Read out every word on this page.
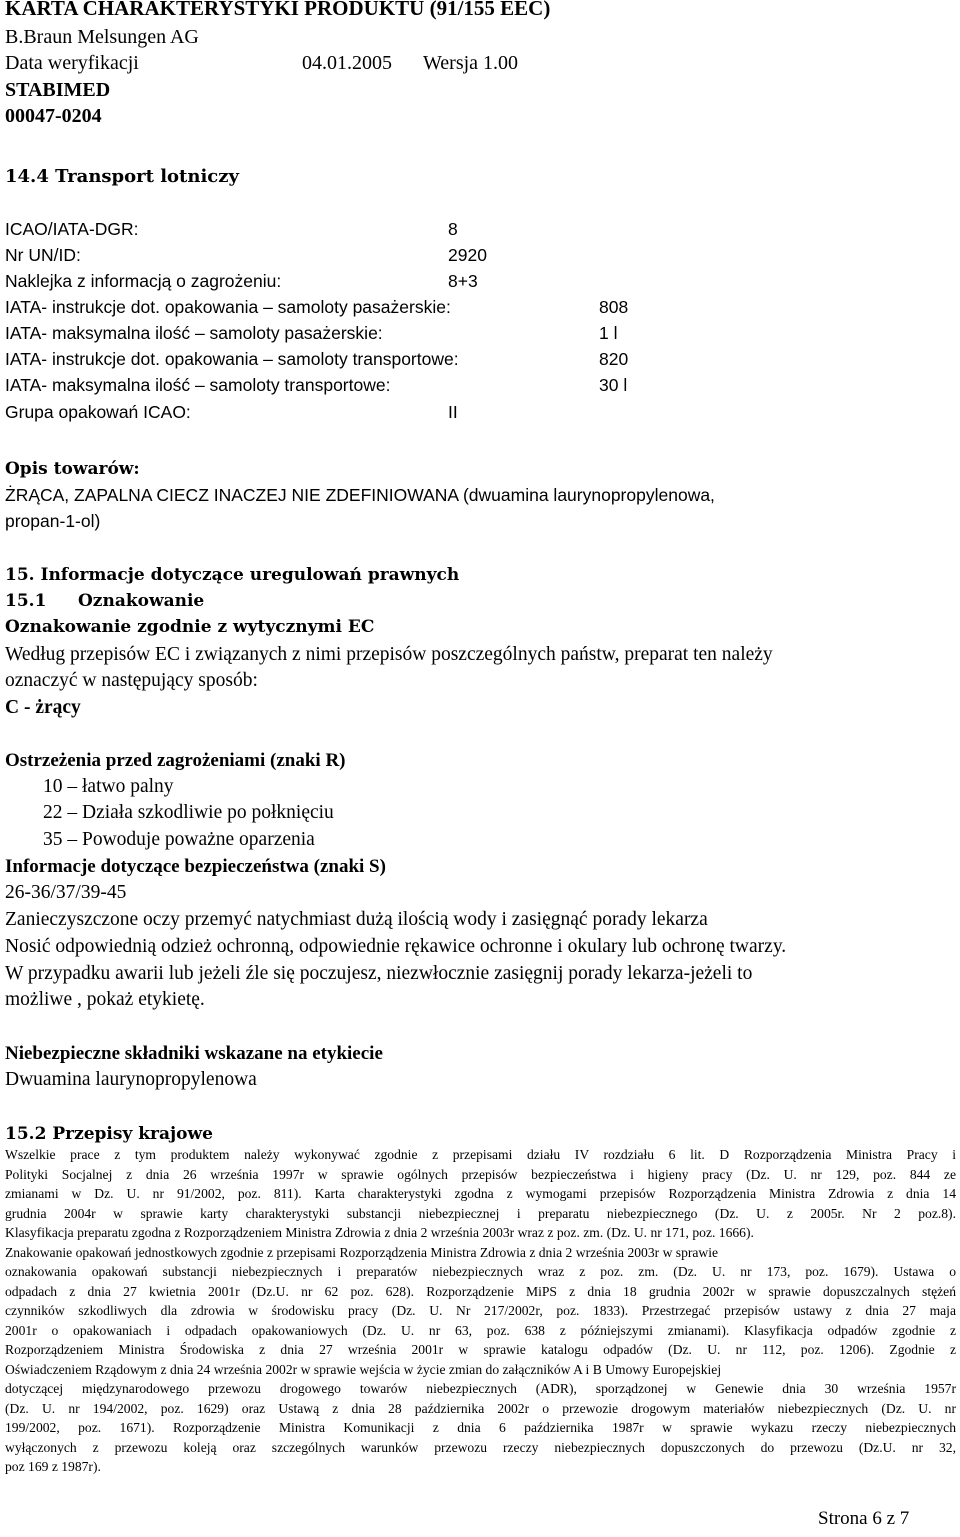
KARTA CHARAKTERYSTYKI PRODUKTU (91/155 EEC)
B.Braun Melsungen AG
Data weryfikacji	04.01.2005 Wersja 1.00
STABIMED
00047-0204
14.4 Transport lotniczy
ICAO/IATA-DGR:	8
Nr UN/ID:	2920
Naklejka z informacją o zagrożeniu:	8+3
IATA- instrukcje dot. opakowania – samoloty pasażerskie:	808
IATA- maksymalna ilość – samoloty pasażerskie:	1 l
IATA- instrukcje dot. opakowania – samoloty transportowe:	820
IATA- maksymalna ilość – samoloty transportowe:	30 l
Grupa opakowań ICAO:	II
Opis towarów:
ŻRĄCA, ZAPALNA CIECZ INACZEJ NIE ZDEFINIOWANA (dwuamina laurynopropylenowa,
propan-1-ol)
15. Informacje dotyczące uregulowań prawnych
15.1 Oznakowanie
Oznakowanie zgodnie z wytycznymi EC
Według przepisów EC i związanych z nimi przepisów poszczególnych państw, preparat ten należy
oznaczyć w następujący sposób:
C - żrący
Ostrzeżenia przed zagrożeniami (znaki R)
10 – łatwo palny
22 – Działa szkodliwie po połknięciu
35 – Powoduje poważne oparzenia
Informacje dotyczące bezpieczeństwa (znaki S)
26-36/37/39-45
Zanieczyszczone oczy przemyć natychmiast dużą ilością wody i zasięgnąć porady lekarza
Nosić odpowiednią odzież ochronną, odpowiednie rękawice ochronne i okulary lub ochronę twarzy.
W przypadku awarii lub jeżeli źle się poczujesz, niezwłocznie zasięgnij porady lekarza-jeżeli to
możliwe , pokaż etykietę.
Niebezpieczne składniki wskazane na etykiecie
Dwuamina laurynopropylenowa
15.2 Przepisy krajowe
Wszelkie prace z tym produktem należy wykonywać zgodnie z przepisami działu IV rozdziału 6 lit. D Rozporządzenia Ministra Pracy i
Polityki Socjalnej z dnia 26 września 1997r w sprawie ogólnych przepisów bezpieczeństwa i higieny pracy (Dz. U. nr 129, poz. 844 ze
zmianami w Dz. U. nr 91/2002, poz. 811). Karta charakterystyki zgodna z wymogami przepisów Rozporządzenia Ministra Zdrowia z dnia 14
grudnia 2004r w sprawie karty charakterystyki substancji niebezpiecznej i preparatu niebezpiecznego (Dz. U. z 2005r. Nr 2 poz.8).
Klasyfikacja preparatu zgodna z Rozporządzeniem Ministra Zdrowia z dnia 2 września 2003r wraz z poz. zm. (Dz. U. nr 171, poz. 1666).
Znakowanie opakowań jednostkowych zgodnie z przepisami Rozporządzenia Ministra Zdrowia z dnia 2 września 2003r w sprawie
oznakowania opakowań substancji niebezpiecznych i preparatów niebezpiecznych wraz z poz. zm. (Dz. U. nr 173, poz. 1679). Ustawa o
odpadach z dnia 27 kwietnia 2001r (Dz.U. nr 62 poz. 628). Rozporządzenie MiPS z dnia 18 grudnia 2002r w sprawie dopuszczalnych stężeń
czynników szkodliwych dla zdrowia w środowisku pracy (Dz. U. Nr 217/2002r, poz. 1833). Przestrzegać przepisów ustawy z dnia 27 maja
2001r o opakowaniach i odpadach opakowaniowych (Dz. U. nr 63, poz. 638 z późniejszymi zmianami). Klasyfikacja odpadów zgodnie z
Rozporządzeniem Ministra Środowiska z dnia 27 września 2001r w sprawie katalogu odpadów (Dz. U. nr 112, poz. 1206). Zgodnie z
Oświadczeniem Rządowym z dnia 24 września 2002r w sprawie wejścia w życie zmian do załączników A i B Umowy Europejskiej
dotyczącej międzynarodowego przewozu drogowego towarów niebezpiecznych (ADR), sporządzonej w Genewie dnia 30 września 1957r
(Dz. U. nr 194/2002, poz. 1629) oraz Ustawą z dnia 28 października 2002r o przewozie drogowym materiałów niebezpiecznych (Dz. U. nr
199/2002, poz. 1671). Rozporządzenie Ministra Komunikacji z dnia 6 października 1987r w sprawie wykazu rzeczy niebezpiecznych
wyłączonych z przewozu koleją oraz szczególnych warunków przewozu rzeczy niebezpiecznych dopuszczonych do przewozu (Dz.U. nr 32,
poz 169 z 1987r).
Strona 6 z 7
